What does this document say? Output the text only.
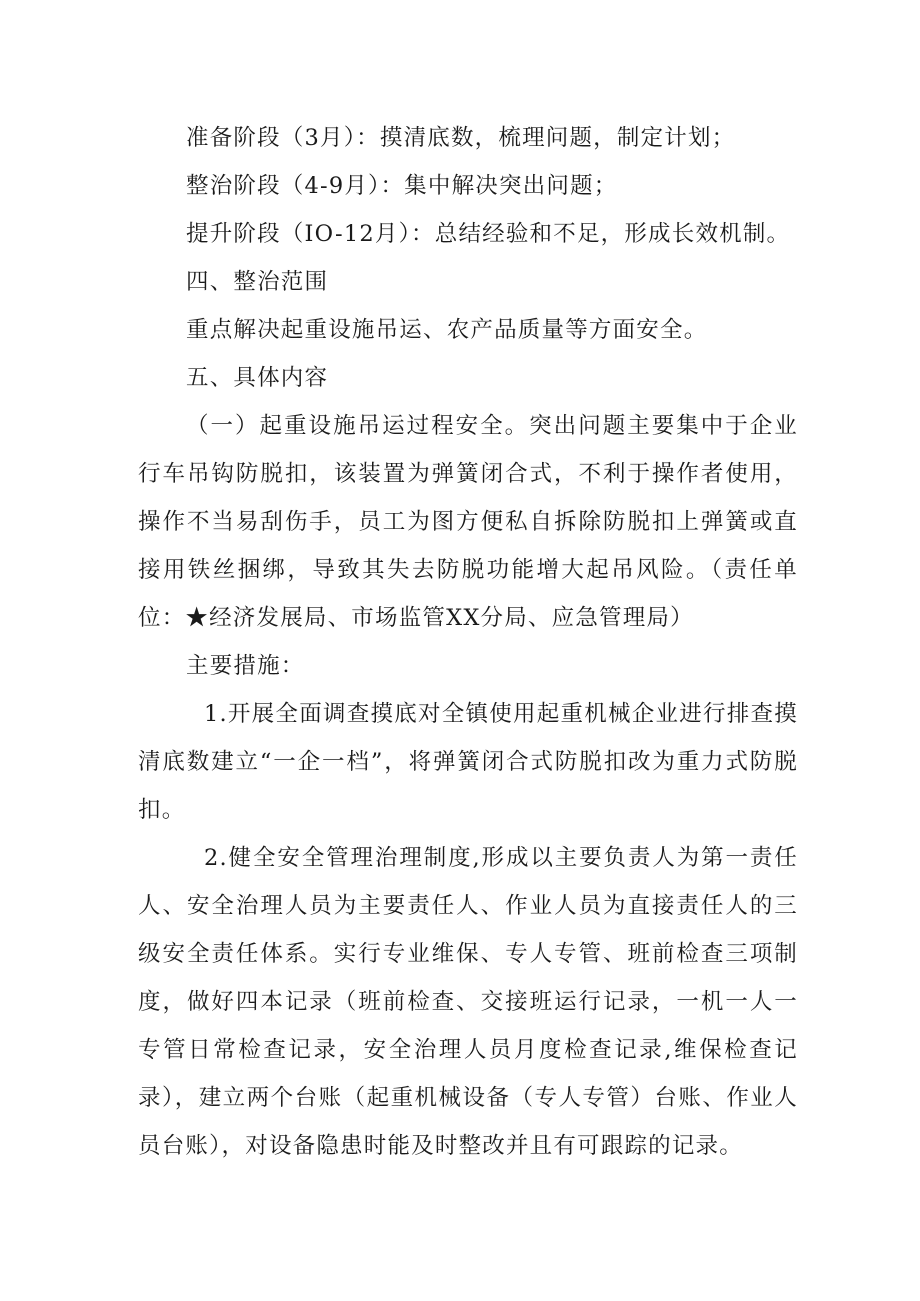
准备阶段（3月）：摸清底数，梳理问题，制定计划；

整治阶段（4-9月）：集中解决突出问题；

提升阶段（IO-12月）：总结经验和不足，形成长效机制。

四、整治范围

重点解决起重设施吊运、农产品质量等方面安全。

五、具体内容

（一）起重设施吊运过程安全。突出问题主要集中于企业行车吊钩防脱扣，该装置为弹簧闭合式，不利于操作者使用，操作不当易刮伤手，员工为图方便私自拆除防脱扣上弹簧或直接用铁丝捆绑，导致其失去防脱功能增大起吊风险。（责任单位：★经济发展局、市场监管XX分局、应急管理局）

主要措施：

1.开展全面调查摸底对全镇使用起重机械企业进行排查摸清底数建立“一企一档”，将弹簧闭合式防脱扣改为重力式防脱扣。

2.健全安全管理治理制度,形成以主要负责人为第一责任人、安全治理人员为主要责任人、作业人员为直接责任人的三级安全责任体系。实行专业维保、专人专管、班前检查三项制度，做好四本记录（班前检查、交接班运行记录，一机一人一专管日常检查记录，安全治理人员月度检查记录,维保检查记录），建立两个台账（起重机械设备（专人专管）台账、作业人员台账），对设备隐患时能及时整改并且有可跟踪的记录。
